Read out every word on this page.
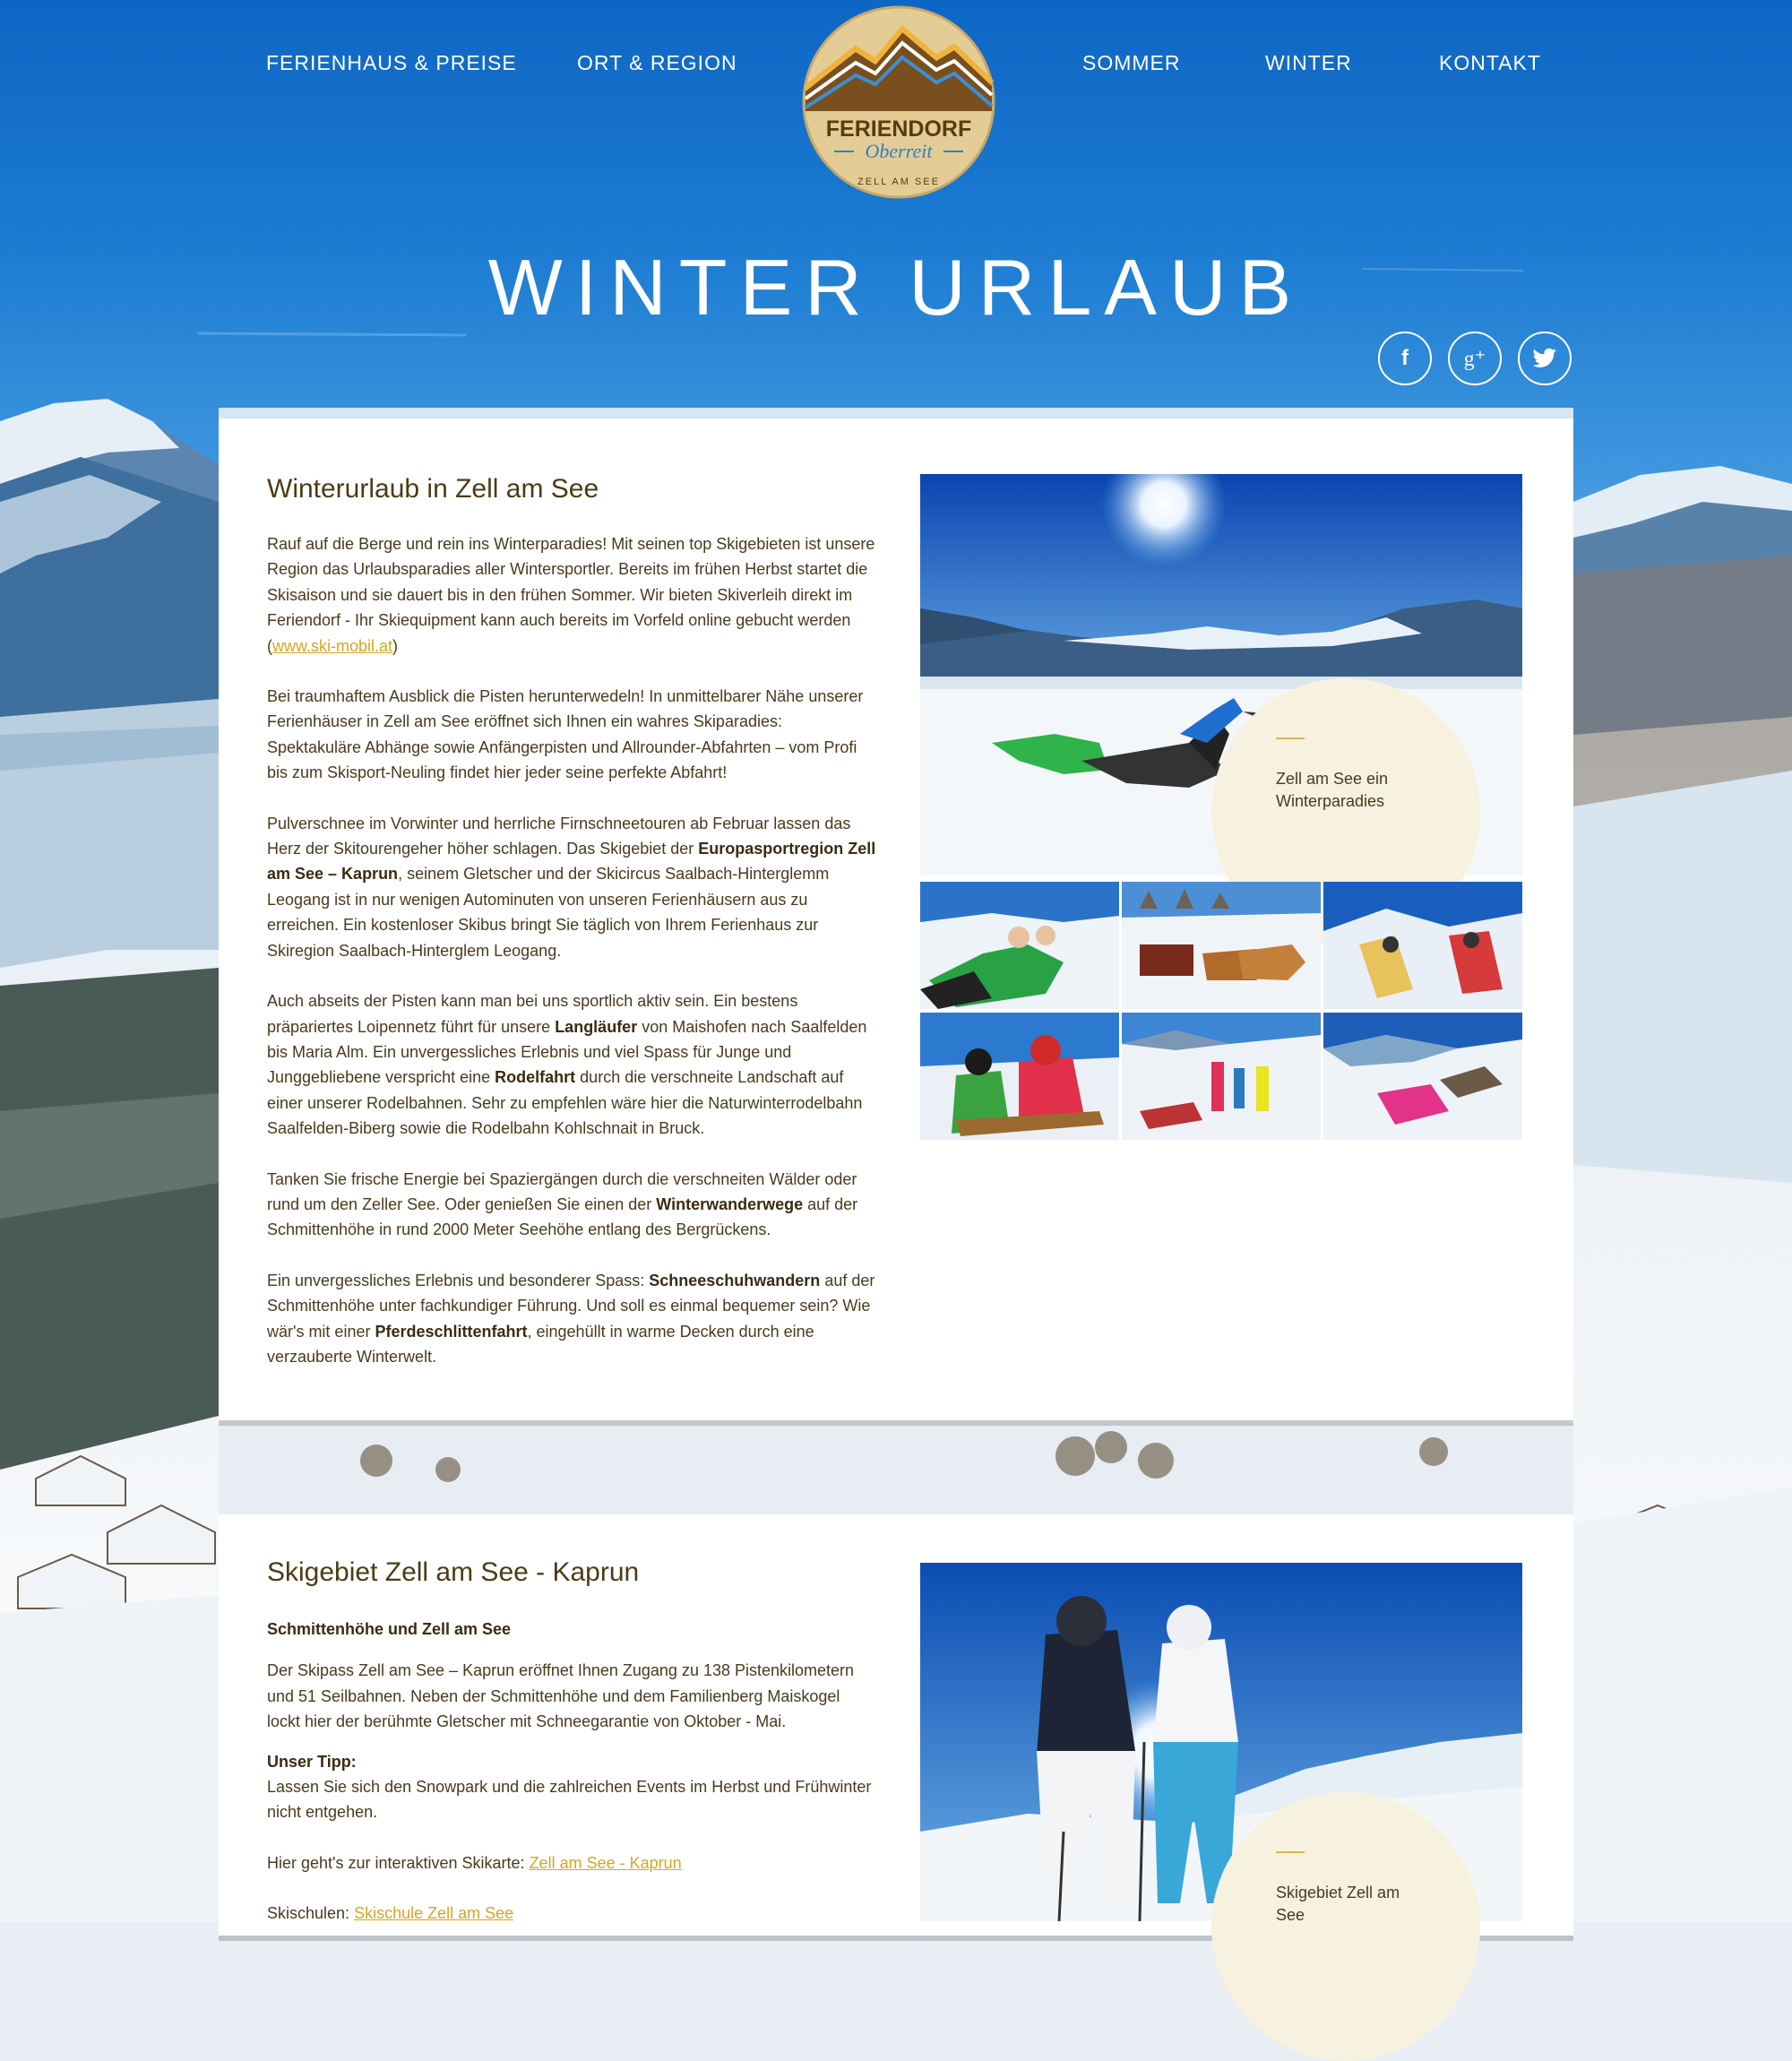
FERIENHAUS & PREISE	ORT & REGION	SOMMER	WINTER	KONTAKT
FERIENDORF
Oberreit
ZELL AM SEE
WINTER URLAUB
f	g⁺
Winterurlaub in Zell am See

Rauf auf die Berge und rein ins Winterparadies! Mit seinen top Skigebieten ist unsere Region das Urlaubsparadies aller Wintersportler. Bereits im frühen Herbst startet die Skisaison und sie dauert bis in den frühen Sommer. Wir bieten Skiverleih direkt im Feriendorf - Ihr Skiequipment kann auch bereits im Vorfeld online gebucht werden (www.ski-mobil.at)

Bei traumhaftem Ausblick die Pisten herunterwedeln! In unmittelbarer Nähe unserer Ferienhäuser in Zell am See eröffnet sich Ihnen ein wahres Skiparadies: Spektakuläre Abhänge sowie Anfängerpisten und Allrounder-Abfahrten – vom Profi bis zum Skisport-Neuling findet hier jeder seine perfekte Abfahrt!

Pulverschnee im Vorwinter und herrliche Firnschneetouren ab Februar lassen das Herz der Skitourengeher höher schlagen. Das Skigebiet der Europasportregion Zell am See – Kaprun, seinem Gletscher und der Skicircus Saalbach-Hinterglemm Leogang ist in nur wenigen Autominuten von unseren Ferienhäusern aus zu erreichen. Ein kostenloser Skibus bringt Sie täglich von Ihrem Ferienhaus zur Skiregion Saalbach-Hinterglem Leogang.

Auch abseits der Pisten kann man bei uns sportlich aktiv sein. Ein bestens präpariertes Loipennetz führt für unsere Langläufer von Maishofen nach Saalfelden bis Maria Alm. Ein unvergessliches Erlebnis und viel Spass für Junge und Junggebliebene verspricht eine Rodelfahrt durch die verschneite Landschaft auf einer unserer Rodelbahnen. Sehr zu empfehlen wäre hier die Naturwinterrodelbahn Saalfelden-Biberg sowie die Rodelbahn Kohlschnait in Bruck.

Tanken Sie frische Energie bei Spaziergängen durch die verschneiten Wälder oder rund um den Zeller See. Oder genießen Sie einen der Winterwanderwege auf der Schmittenhöhe in rund 2000 Meter Seehöhe entlang des Bergrückens.

Ein unvergessliches Erlebnis und besonderer Spass: Schneeschuhwandern auf der Schmittenhöhe unter fachkundiger Führung. Und soll es einmal bequemer sein? Wie wär's mit einer Pferdeschlittenfahrt, eingehüllt in warme Decken durch eine verzauberte Winterwelt.

Zell am See ein Winterparadies
Skigebiet Zell am See - Kaprun

Schmittenhöhe und Zell am See

Der Skipass Zell am See – Kaprun eröffnet Ihnen Zugang zu 138 Pistenkilometern und 51 Seilbahnen. Neben der Schmittenhöhe und dem Familienberg Maiskogel lockt hier der berühmte Gletscher mit Schneegarantie von Oktober - Mai.

Unser Tipp:
Lassen Sie sich den Snowpark und die zahlreichen Events im Herbst und Frühwinter nicht entgehen.

Hier geht's zur interaktiven Skikarte: Zell am See - Kaprun

Skischulen: Skischule Zell am See

Skigebiet Zell am See
